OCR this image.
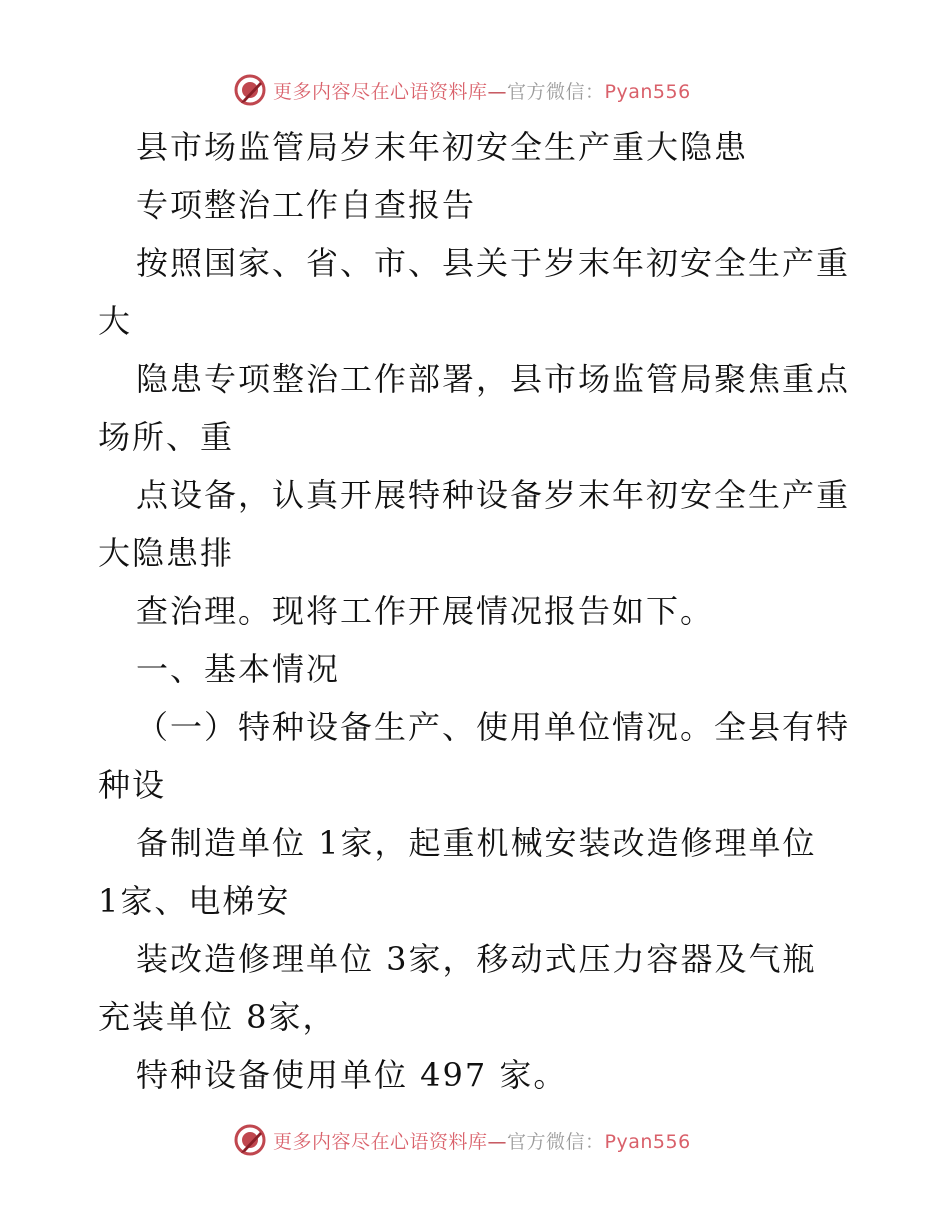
更多内容尽在心语资料库—官方微信：Pyan556
县市场监管局岁末年初安全生产重大隐患
专项整治工作自查报告
按照国家、省、市、县关于岁末年初安全生产重
大
隐患专项整治工作部署，县市场监管局聚焦重点
场所、重
点设备，认真开展特种设备岁末年初安全生产重
大隐患排
查治理。现将工作开展情况报告如下。
一、基本情况
（一）特种设备生产、使用单位情况。全县有特
种设
备制造单位 1家，起重机械安装改造修理单位
1家、电梯安
装改造修理单位 3家，移动式压力容器及气瓶
充装单位 8家，
特种设备使用单位 497 家。
更多内容尽在心语资料库—官方微信：Pyan556
